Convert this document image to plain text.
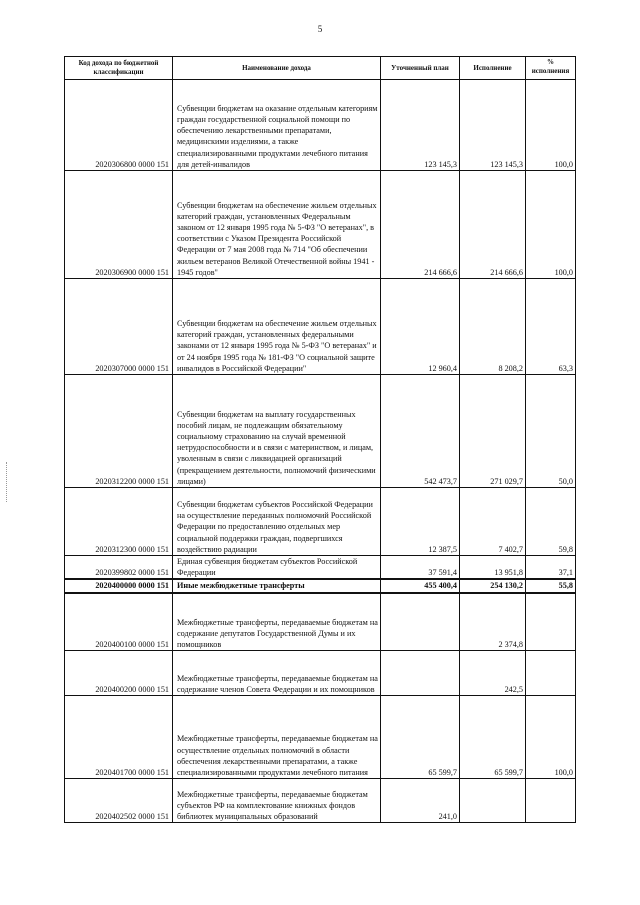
5
Код дохода по бюджетной классификации	Наименование дохода	Уточненный план	Исполнение	% исполнения
2020306800 0000 151	Субвенции бюджетам на оказание отдельным категориям граждан государственной социальной помощи по обеспечению лекарственными препаратами, медицинскими изделиями, а также специализированными продуктами лечебного питания для детей-инвалидов	123 145,3	123 145,3	100,0
2020306900 0000 151	Субвенции бюджетам на обеспечение жильем отдельных категорий граждан, установленных Федеральным законом от 12 января 1995 года № 5-ФЗ "О ветеранах", в соответствии с Указом Президента Российской Федерации от 7 мая 2008 года № 714 "Об обеспечении жильем ветеранов Великой Отечественной войны 1941 - 1945 годов"	214 666,6	214 666,6	100,0
2020307000 0000 151	Субвенции бюджетам на обеспечение жильем отдельных категорий граждан, установленных федеральными законами от 12 января 1995 года № 5-ФЗ "О ветеранах" и от 24 ноября 1995 года № 181-ФЗ "О социальной защите инвалидов в Российской Федерации"	12 960,4	8 208,2	63,3
2020312200 0000 151	Субвенции бюджетам на выплату государственных пособий лицам, не подлежащим обязательному социальному страхованию на случай временной нетрудоспособности и в связи с материнством, и лицам, уволенным в связи с ликвидацией организаций (прекращением деятельности, полномочий физическими лицами)	542 473,7	271 029,7	50,0
2020312300 0000 151	Субвенции бюджетам субъектов Российской Федерации на осуществление переданных полномочий Российской Федерации по предоставлению отдельных мер социальной поддержки граждан, подвергшихся воздействию радиации	12 387,5	7 402,7	59,8
2020399802 0000 151	Единая субвенция бюджетам субъектов Российской Федерации	37 591,4	13 951,8	37,1
2020400000 0000 151	Иные межбюджетные трансферты	455 400,4	254 130,2	55,8
2020400100 0000 151	Межбюджетные трансферты, передаваемые бюджетам на содержание депутатов Государственной Думы и их помощников		2 374,8	
2020400200 0000 151	Межбюджетные трансферты, передаваемые бюджетам на содержание членов Совета Федерации и их помощников		242,5	
2020401700 0000 151	Межбюджетные трансферты, передаваемые бюджетам на осуществление отдельных полномочий в области обеспечения лекарственными препаратами, а также специализированными продуктами лечебного питания	65 599,7	65 599,7	100,0
2020402502 0000 151	Межбюджетные трансферты, передаваемые бюджетам субъектов РФ на комплектование книжных фондов библиотек муниципальных образований	241,0		
